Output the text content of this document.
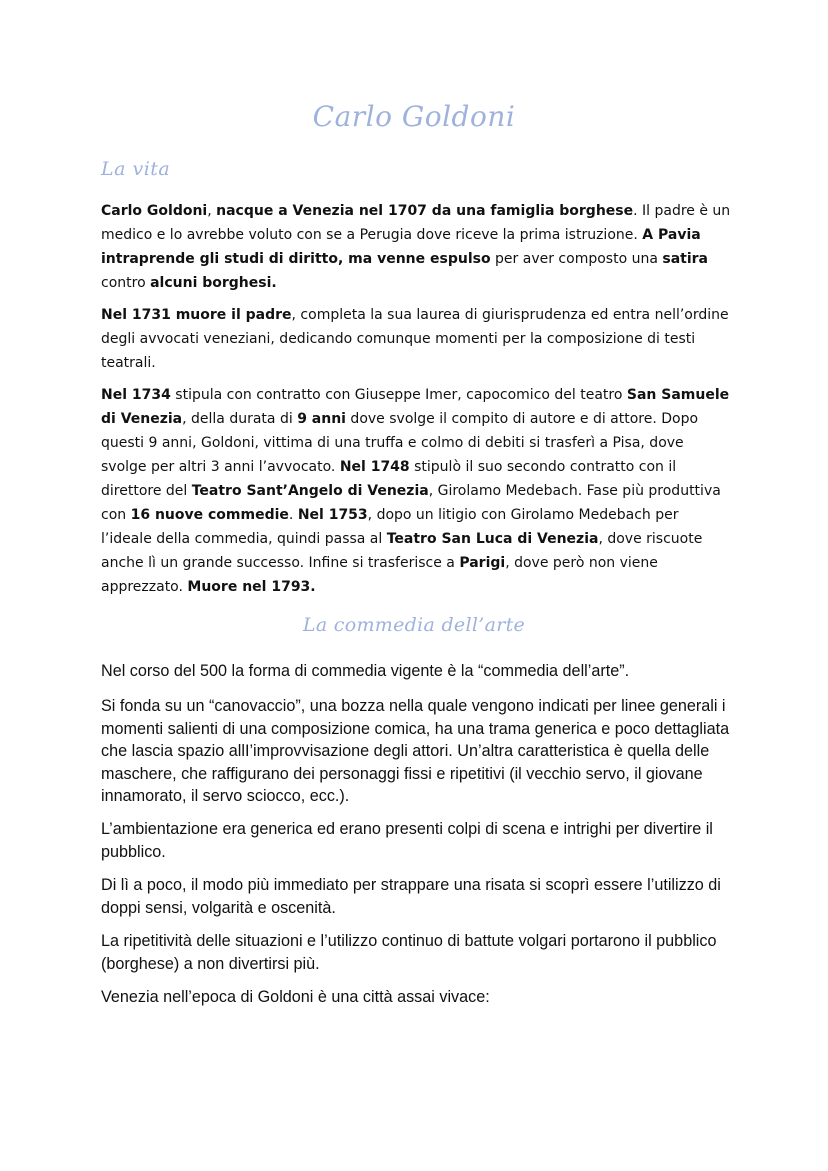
Carlo Goldoni
La vita

Carlo Goldoni, nacque a Venezia nel 1707 da una famiglia borghese. Il padre è un medico e lo avrebbe voluto con se a Perugia dove riceve la prima istruzione. A Pavia intraprende gli studi di diritto, ma venne espulso per aver composto una satira contro alcuni borghesi.

Nel 1731 muore il padre, completa la sua laurea di giurisprudenza ed entra nell’ordine degli avvocati veneziani, dedicando comunque momenti per la composizione di testi teatrali.

Nel 1734 stipula con contratto con Giuseppe Imer, capocomico del teatro San Samuele di Venezia, della durata di 9 anni dove svolge il compito di autore e di attore. Dopo questi 9 anni, Goldoni, vittima di una truffa e colmo di debiti si trasferì a Pisa, dove svolge per altri 3 anni l’avvocato. Nel 1748 stipulò il suo secondo contratto con il direttore del Teatro Sant’Angelo di Venezia, Girolamo Medebach. Fase più produttiva con 16 nuove commedie. Nel 1753, dopo un litigio con Girolamo Medebach per l’ideale della commedia, quindi passa al Teatro San Luca di Venezia, dove riscuote anche lì un grande successo. Infine si trasferisce a Parigi, dove però non viene apprezzato. Muore nel 1793.

La commedia dell’arte

Nel corso del 500 la forma di commedia vigente è la “commedia dell’arte”.

Si fonda su un “canovaccio”, una bozza nella quale vengono indicati per linee generali i momenti salienti di una composizione comica, ha una trama generica e poco dettagliata che lascia spazio allI’improvvisazione degli attori. Un’altra caratteristica è quella delle maschere, che raffigurano dei personaggi fissi e ripetitivi (il vecchio servo, il giovane innamorato, il servo sciocco, ecc.).

L’ambientazione era generica ed erano presenti colpi di scena e intrighi per divertire il pubblico.

Di lì a poco, il modo più immediato per strappare una risata si scoprì essere l’utilizzo di doppi sensi, volgarità e oscenità.

La ripetitività delle situazioni e l’utilizzo continuo di battute volgari portarono il pubblico (borghese) a non divertirsi più.

Venezia nell’epoca di Goldoni è una città assai vivace:
